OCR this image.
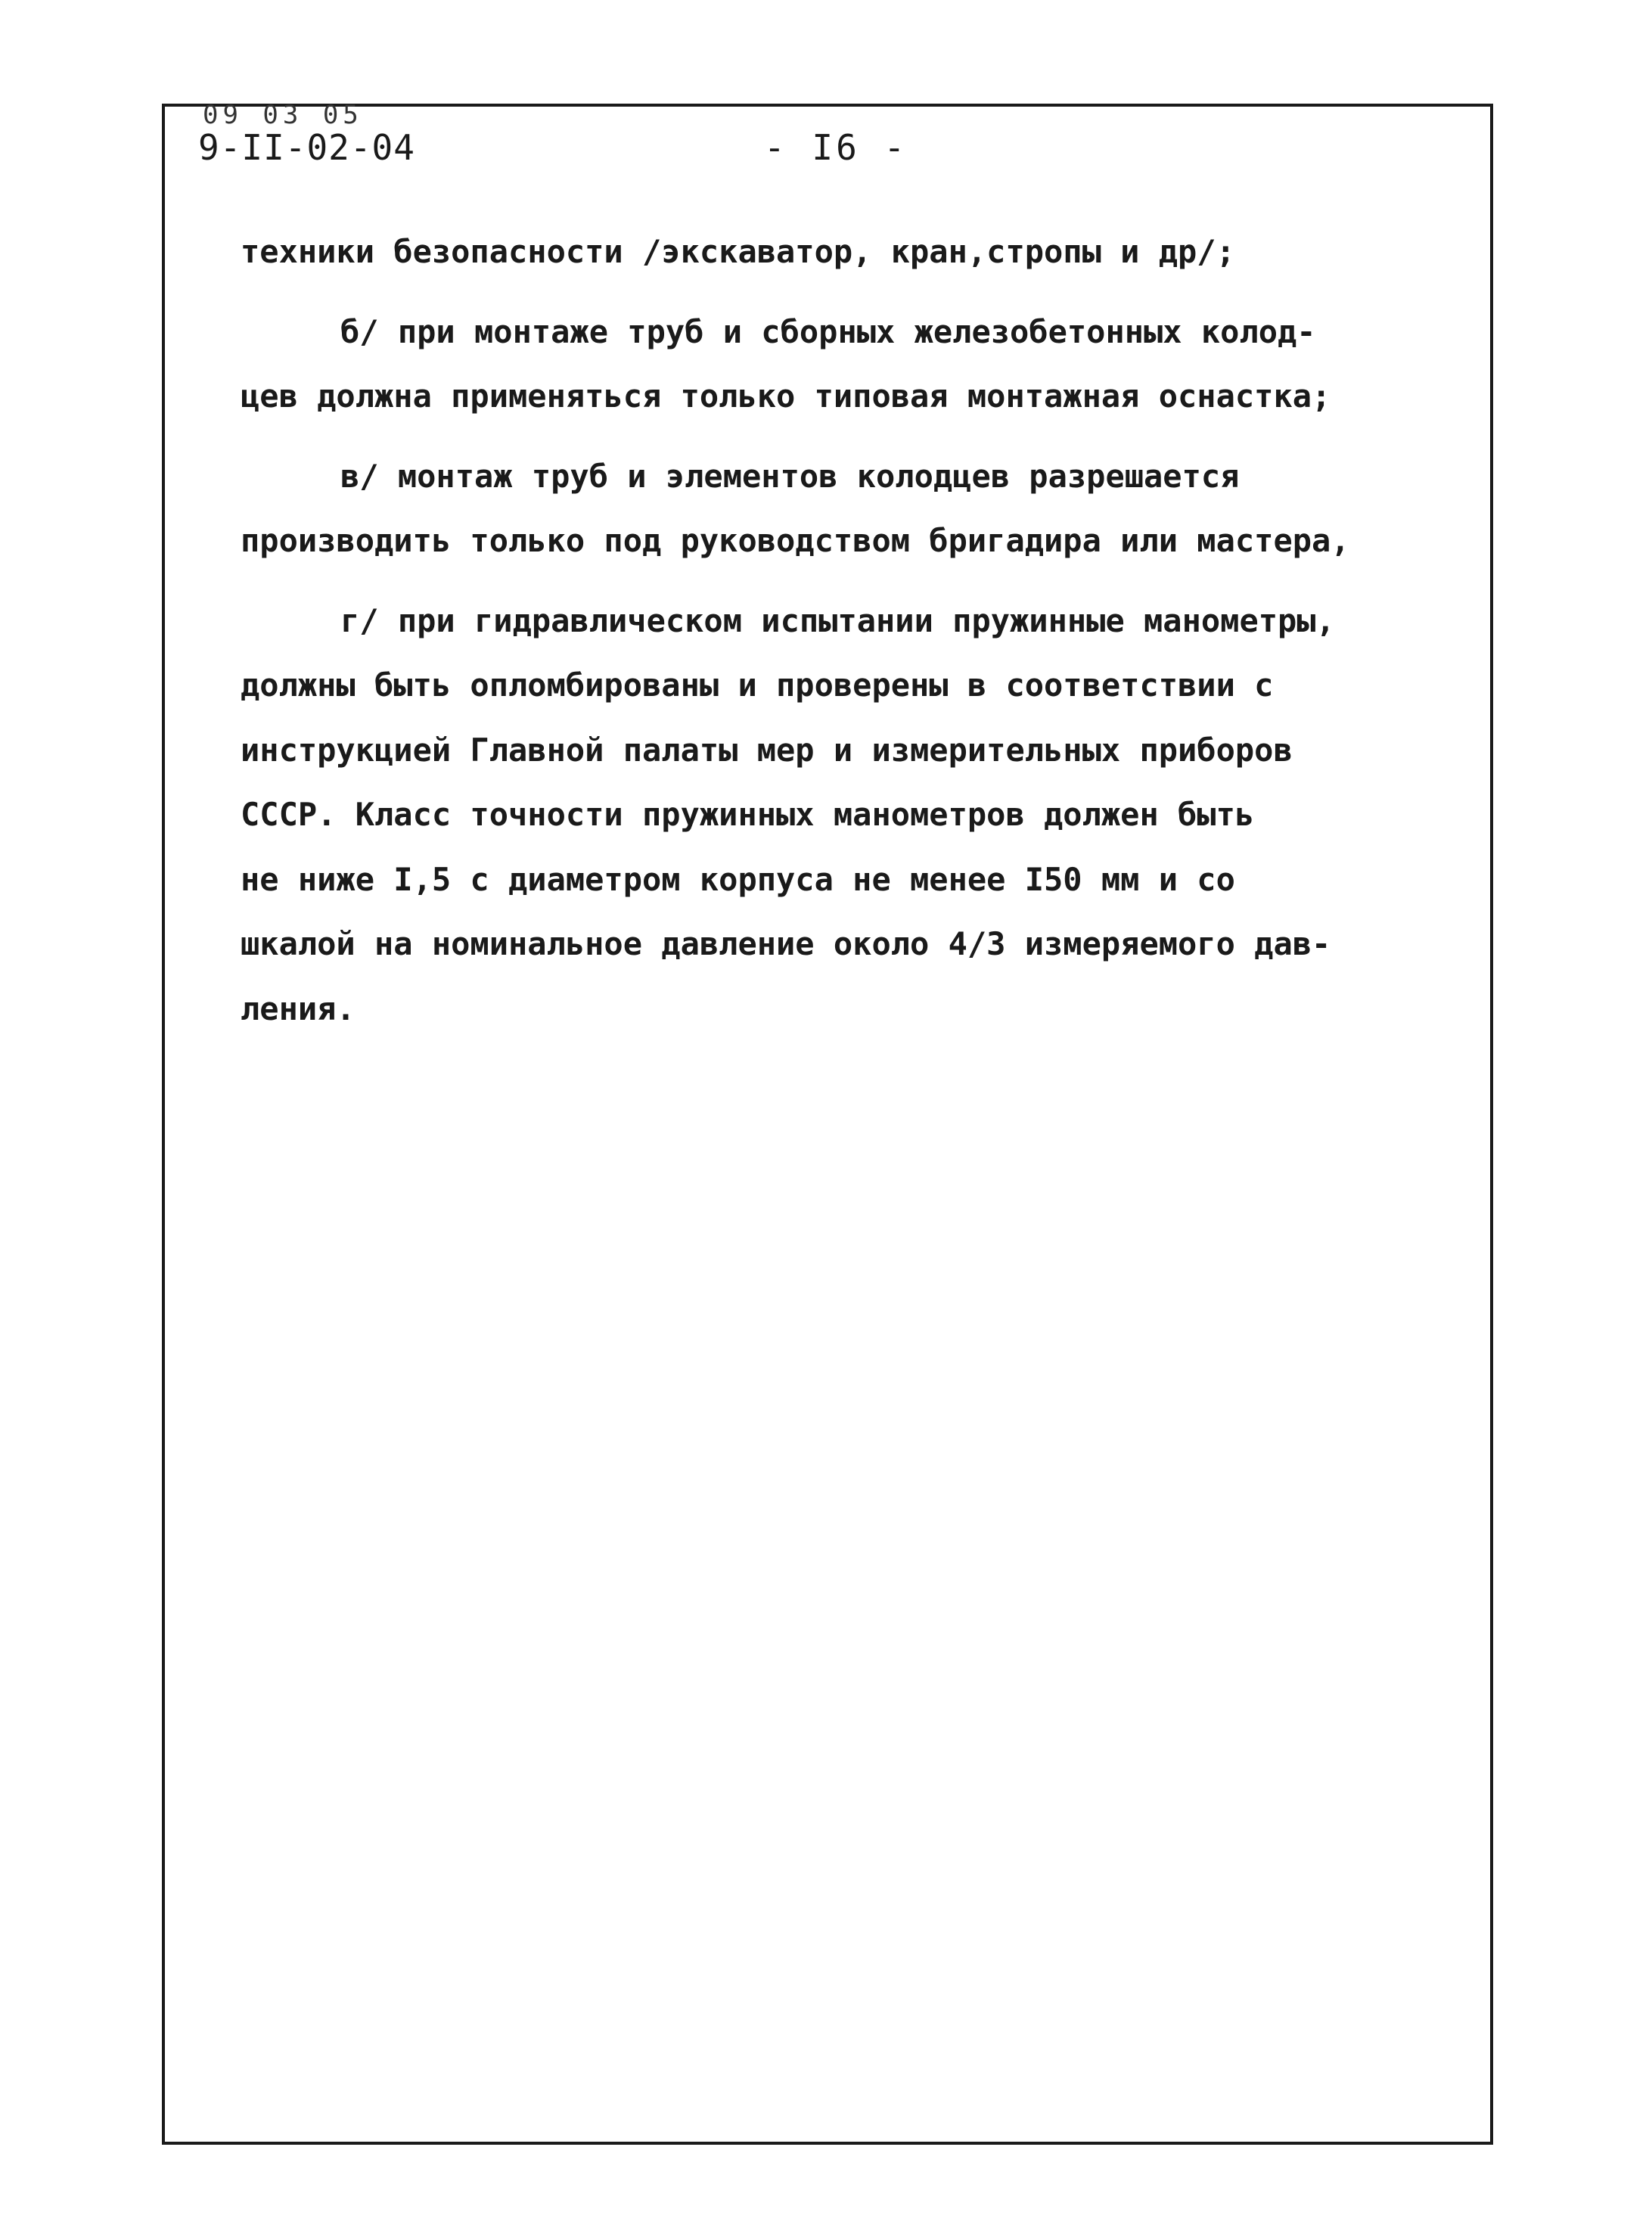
09 03 05
9-II-02-04	- I6 -

техники безопасности /экскаватор, кран,стропы и др/;

б/ при монтаже труб и сборных железобетонных колод-

цев должна применяться только типовая монтажная оснастка;

в/ монтаж труб и элементов колодцев разрешается

производить только под руководством бригадира или мастера,

г/ при гидравлическом испытании пружинные манометры,

должны быть опломбированы и проверены в соответствии с

инструкцией Главной палаты мер и измерительных приборов

СССР. Класс точности пружинных манометров должен быть

не ниже I,5 с диаметром корпуса не менее I50 мм и со

шкалой на номинальное давление около 4/3 измеряемого дав-

ления.
